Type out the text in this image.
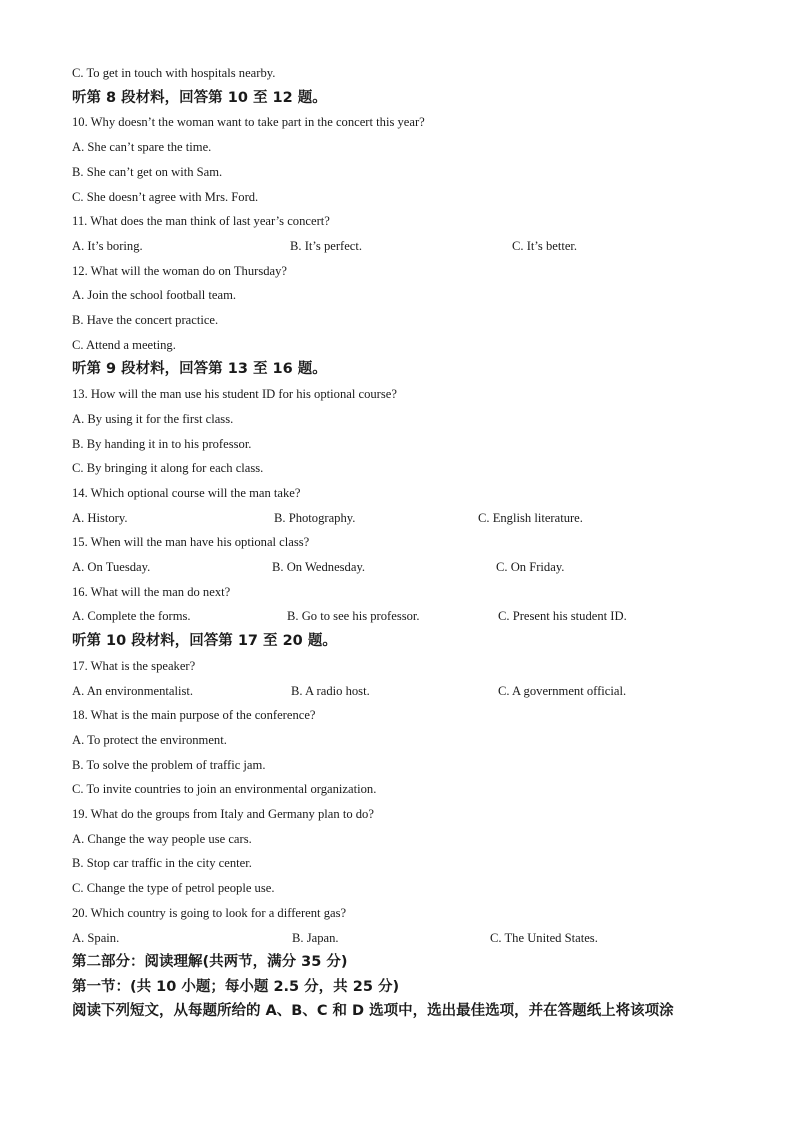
C. To get in touch with hospitals nearby.
听第 8 段材料，回答第 10 至 12 题。
10. Why doesn’t the woman want to take part in the concert this year?
A. She can’t spare the time.
B. She can’t get on with Sam.
C. She doesn’t agree with Mrs. Ford.
11. What does the man think of last year’s concert?
A. It’s boring.	B. It’s perfect.	C. It’s better.
12. What will the woman do on Thursday?
A. Join the school football team.
B. Have the concert practice.
C. Attend a meeting.
听第 9 段材料，回答第 13 至 16 题。
13. How will the man use his student ID for his optional course?
A. By using it for the first class.
B. By handing it in to his professor.
C. By bringing it along for each class.
14. Which optional course will the man take?
A. History.	B. Photography.	C. English literature.
15. When will the man have his optional class?
A. On Tuesday.	B. On Wednesday.	C. On Friday.
16. What will the man do next?
A. Complete the forms.	B. Go to see his professor.	C. Present his student ID.
听第 10 段材料，回答第 17 至 20 题。
17. What is the speaker?
A. An environmentalist.	B. A radio host.	C. A government official.
18. What is the main purpose of the conference?
A. To protect the environment.
B. To solve the problem of traffic jam.
C. To invite countries to join an environmental organization.
19. What do the groups from Italy and Germany plan to do?
A. Change the way people use cars.
B. Stop car traffic in the city center.
C. Change the type of petrol people use.
20. Which country is going to look for a different gas?
A. Spain.	B. Japan.	C. The United States.
第二部分：阅读理解(共两节，满分 35 分)
第一节：(共 10 小题；每小题 2.5 分，共 25 分)
阅读下列短文，从每题所给的 A、B、C 和 D 选项中，选出最佳选项，并在答题纸上将该项涂
